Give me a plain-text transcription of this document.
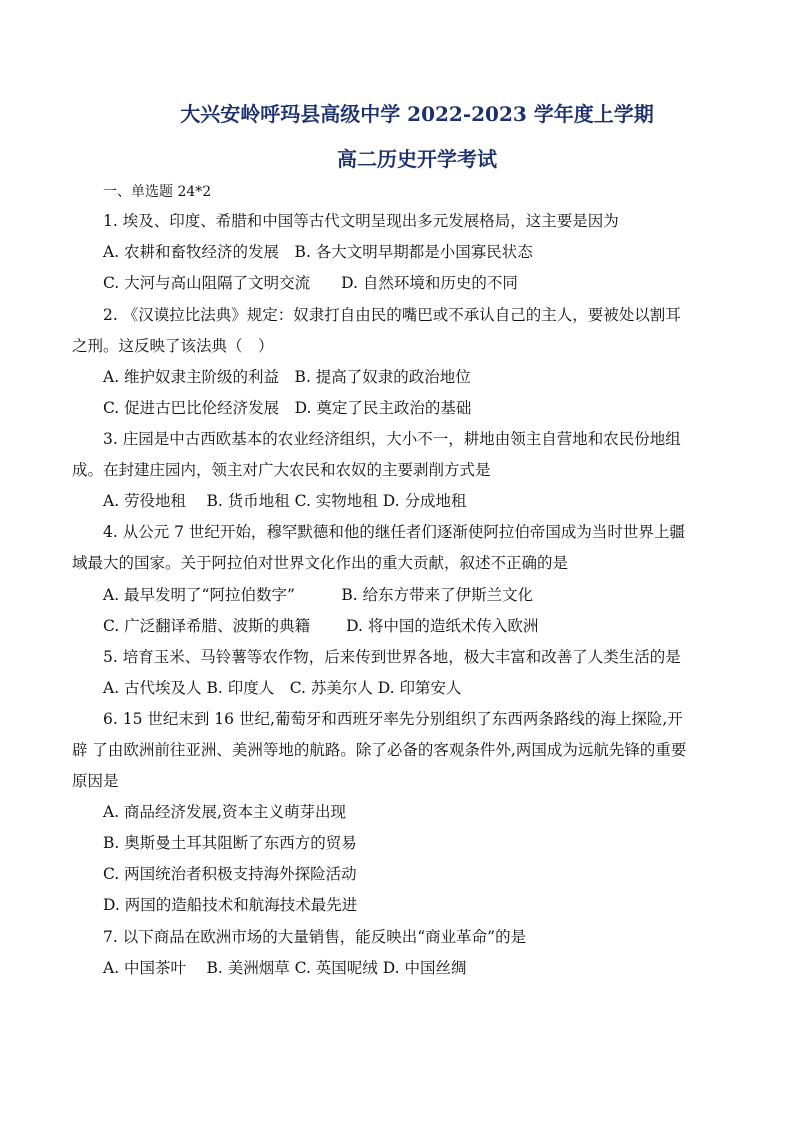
大兴安岭呼玛县高级中学 2022-2023 学年度上学期
高二历史开学考试
一、单选题 24*2
1. 埃及、印度、希腊和中国等古代文明呈现出多元发展格局，这主要是因为
A. 农耕和畜牧经济的发展　B. 各大文明早期都是小国寡民状态
C. 大河与高山阻隔了文明交流　　D. 自然环境和历史的不同
2. 《汉谟拉比法典》规定：奴隶打自由民的嘴巴或不承认自己的主人，要被处以割耳
之刑。这反映了该法典（　）
A. 维护奴隶主阶级的利益　B. 提高了奴隶的政治地位
C. 促进古巴比伦经济发展　D. 奠定了民主政治的基础
3. 庄园是中古西欧基本的农业经济组织，大小不一，耕地由领主自营地和农民份地组
成。在封建庄园内，领主对广大农民和农奴的主要剥削方式是
A. 劳役地租　 B. 货币地租 C. 实物地租 D. 分成地租
4. 从公元 7 世纪开始，穆罕默德和他的继任者们逐渐使阿拉伯帝国成为当时世界上疆
域最大的国家。关于阿拉伯对世界文化作出的重大贡献，叙述不正确的是
A. 最早发明了“阿拉伯数字”　　　B. 给东方带来了伊斯兰文化
C. 广泛翻译希腊、波斯的典籍　　 D. 将中国的造纸术传入欧洲
5. 培育玉米、马铃薯等农作物，后来传到世界各地，极大丰富和改善了人类生活的是
A. 古代埃及人 B. 印度人　C. 苏美尔人 D. 印第安人
6. 15 世纪末到 16 世纪,葡萄牙和西班牙率先分别组织了东西两条路线的海上探险,开
辟 了由欧洲前往亚洲、美洲等地的航路。除了必备的客观条件外,两国成为远航先锋的重要
原因是
A. 商品经济发展,资本主义萌芽出现
B. 奥斯曼土耳其阻断了东西方的贸易
C. 两国统治者积极支持海外探险活动
D. 两国的造船技术和航海技术最先进
7. 以下商品在欧洲市场的大量销售，能反映出“商业革命”的是
A. 中国茶叶　 B. 美洲烟草 C. 英国呢绒 D. 中国丝绸
